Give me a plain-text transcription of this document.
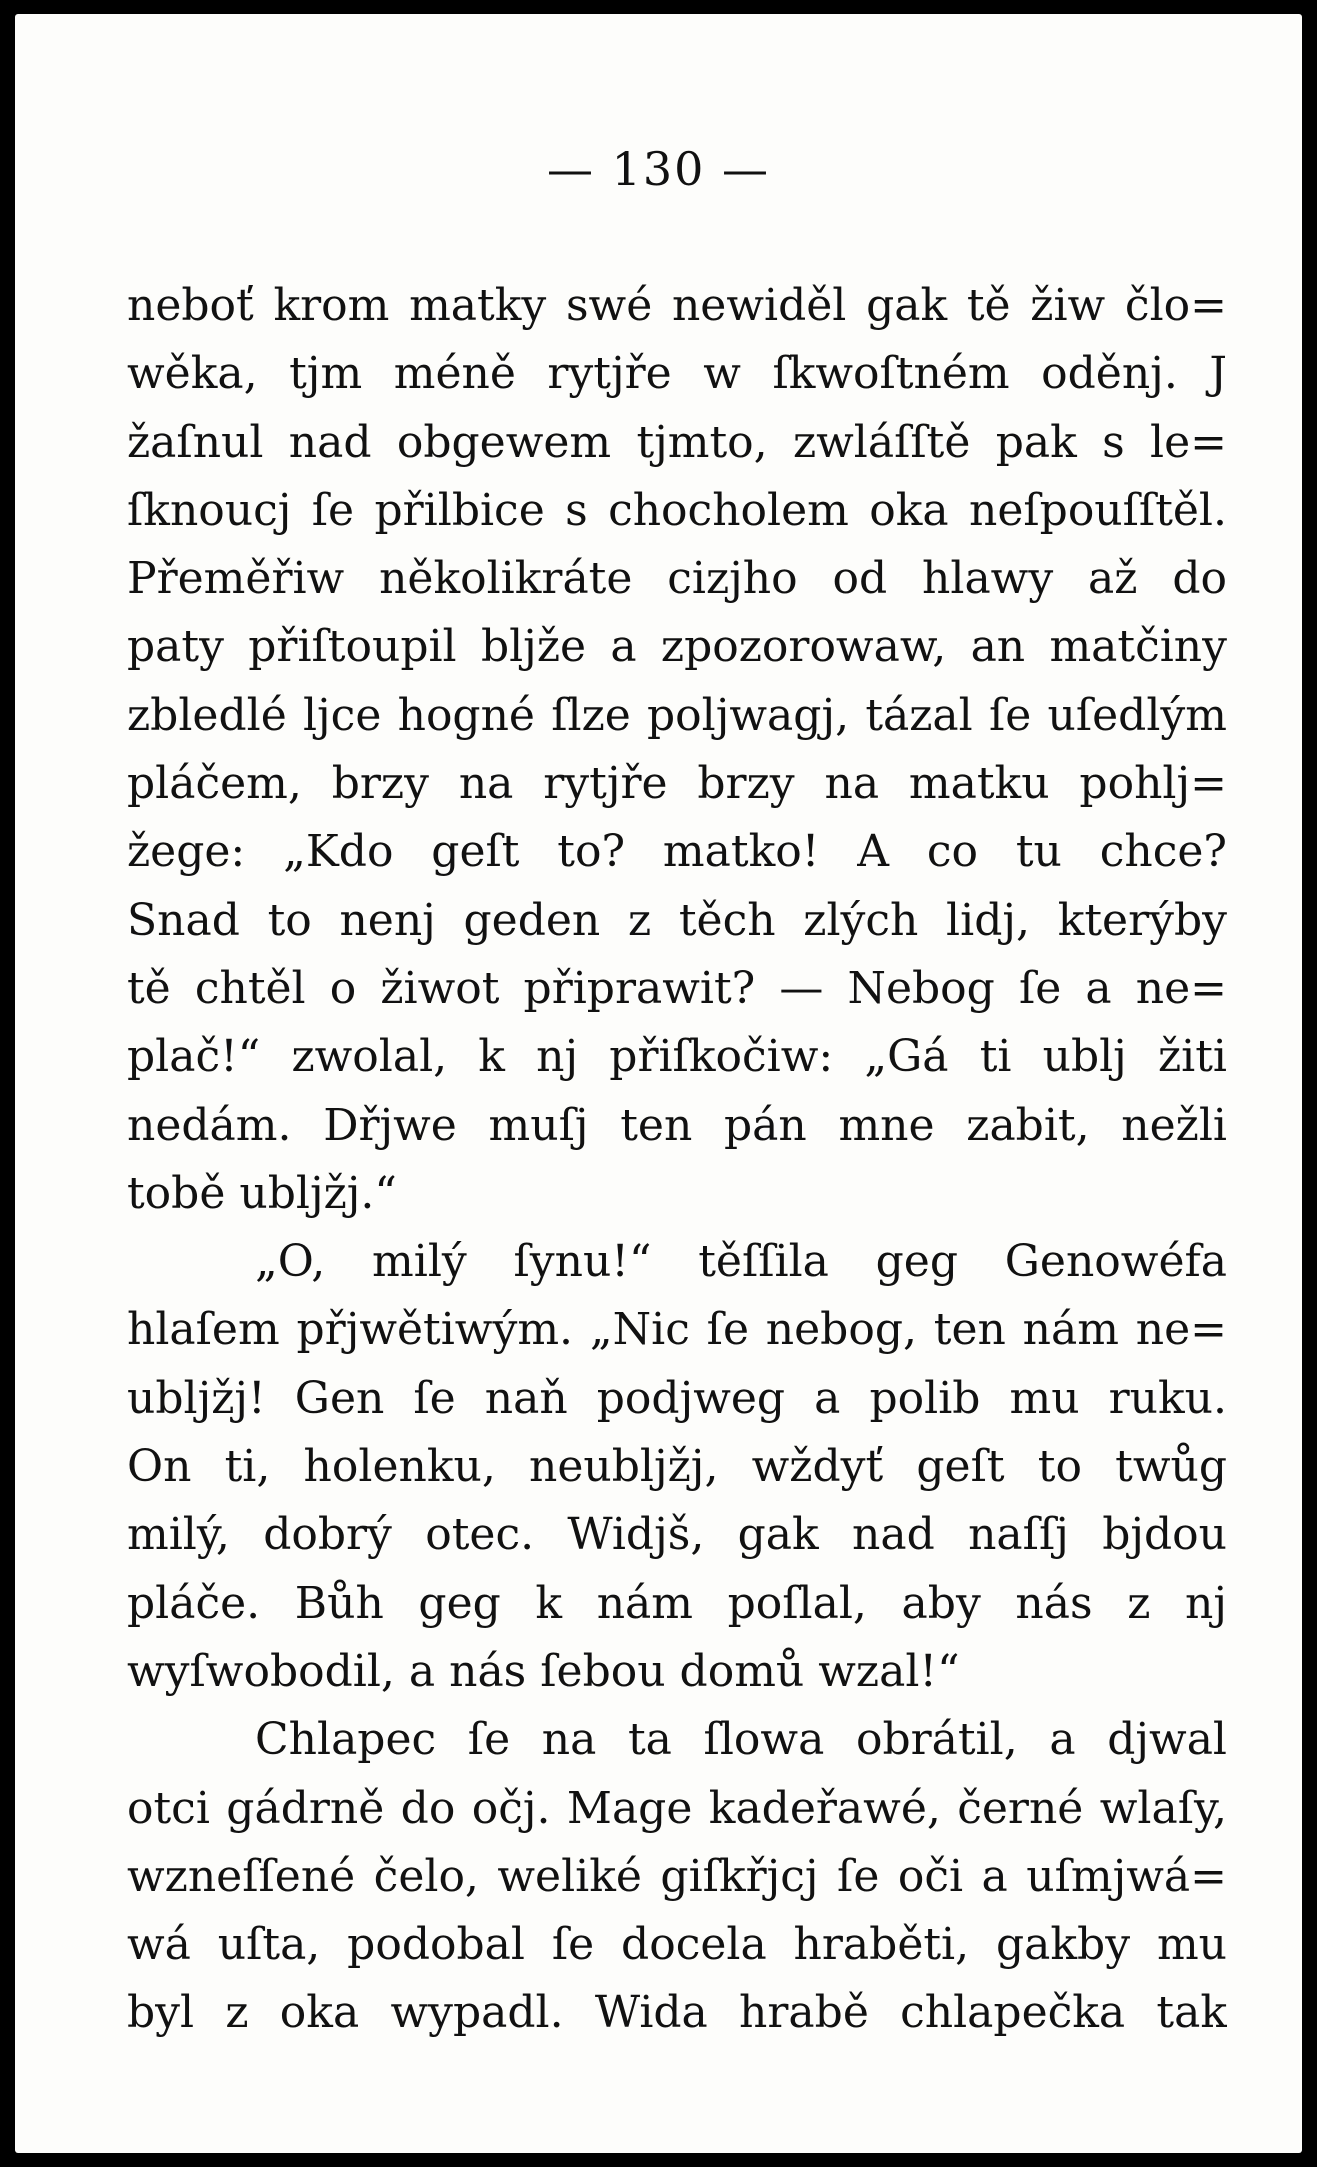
— 130 —
neboť krom matky swé newiděl gak tě žiw člo=
wěka, tjm méně rytjře w ſkwoſtném oděnj. J
žaſnul nad obgewem tjmto, zwláſſtě pak s le=
ſknoucj ſe přilbice s chocholem oka neſpouſſtěl.
Přeměřiw několikráte cizjho od hlawy až do
paty přiſtoupil bljže a zpozorowaw, an matčiny
zbledlé ljce hogné ſlze poljwagj, tázal ſe uſedlým
pláčem, brzy na rytjře brzy na matku pohlj=
žege: „Kdo geſt to? matko! A co tu chce?
Snad to nenj geden z těch zlých lidj, kterýby
tě chtěl o žiwot připrawit? — Nebog ſe a ne=
plač!“ zwolal, k nj přiſkočiw: „Gá ti ublj žiti
nedám. Dřjwe muſj ten pán mne zabit, nežli
tobě ubljžj.“
„O, milý ſynu!“ těſſila geg Genowéfa
hlaſem přjwětiwým. „Nic ſe nebog, ten nám ne=
ubljžj! Gen ſe naň podjweg a polib mu ruku.
On ti, holenku, neubljžj, wždyť geſt to twůg
milý, dobrý otec. Widjš, gak nad naſſj bjdou
pláče. Bůh geg k nám poſlal, aby nás z nj
wyſwobodil, a nás ſebou domů wzal!“
Chlapec ſe na ta ſlowa obrátil, a djwal
otci gádrně do očj. Mage kadeřawé, černé wlaſy,
wzneſſené čelo, weliké giſkřjcj ſe oči a uſmjwá=
wá uſta, podobal ſe docela hraběti, gakby mu
byl z oka wypadl. Wida hrabě chlapečka tak
